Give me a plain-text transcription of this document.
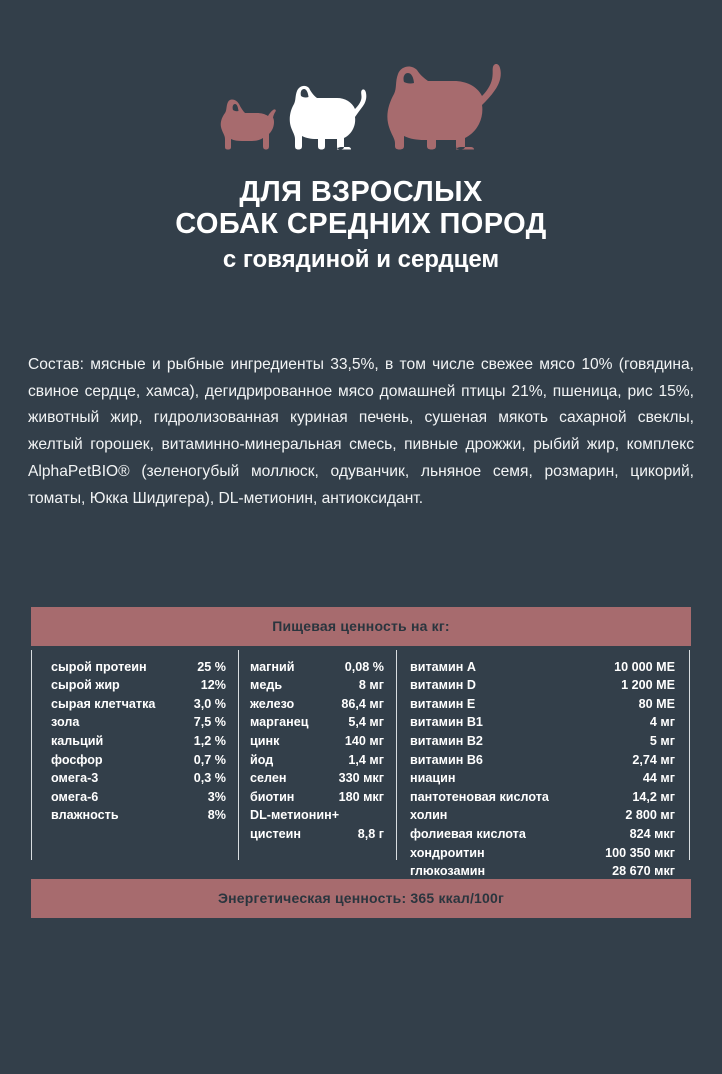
ДЛЯ ВЗРОСЛЫХ
СОБАК СРЕДНИХ ПОРОД
с говядиной и сердцем
Состав: мясные и рыбные ингредиенты 33,5%, в том числе свежее мясо 10% (говядина, свиное сердце, хамса), дегидрированное мясо домашней птицы 21%, пшеница, рис 15%, животный жир, гидролизованная куриная печень, сушеная мякоть сахарной свеклы, желтый горошек, витаминно-минеральная смесь, пивные дрожжи, рыбий жир, комплекс AlphaPetBIO® (зеленогубый моллюск, одуванчик, льняное семя, розмарин, цикорий, томаты, Юкка Шидигера), DL-метионин, антиоксидант.
Пищевая ценность на кг:
сырой протеин	25 %
сырой жир	12%
сырая клетчатка	3,0 %
зола	7,5 %
кальций	1,2 %
фосфор	0,7 %
омега-3	0,3 %
омега-6	3%
влажность	8%
магний	0,08 %
медь	8 мг
железо	86,4 мг
марганец	5,4 мг
цинк	140 мг
йод	1,4 мг
селен	330 мкг
биотин	180 мкг
DL-метионин+
цистеин	8,8 г
витамин A	10 000 МЕ
витамин D	1 200 МЕ
витамин E	80 МЕ
витамин B1	4 мг
витамин B2	5 мг
витамин B6	2,74 мг
ниацин	44 мг
пантотеновая кислота	14,2 мг
холин	2 800 мг
фолиевая кислота	824 мкг
хондроитин	100 350 мкг
глюкозамин	28 670 мкг
Энергетическая ценность: 365 ккал/100г
